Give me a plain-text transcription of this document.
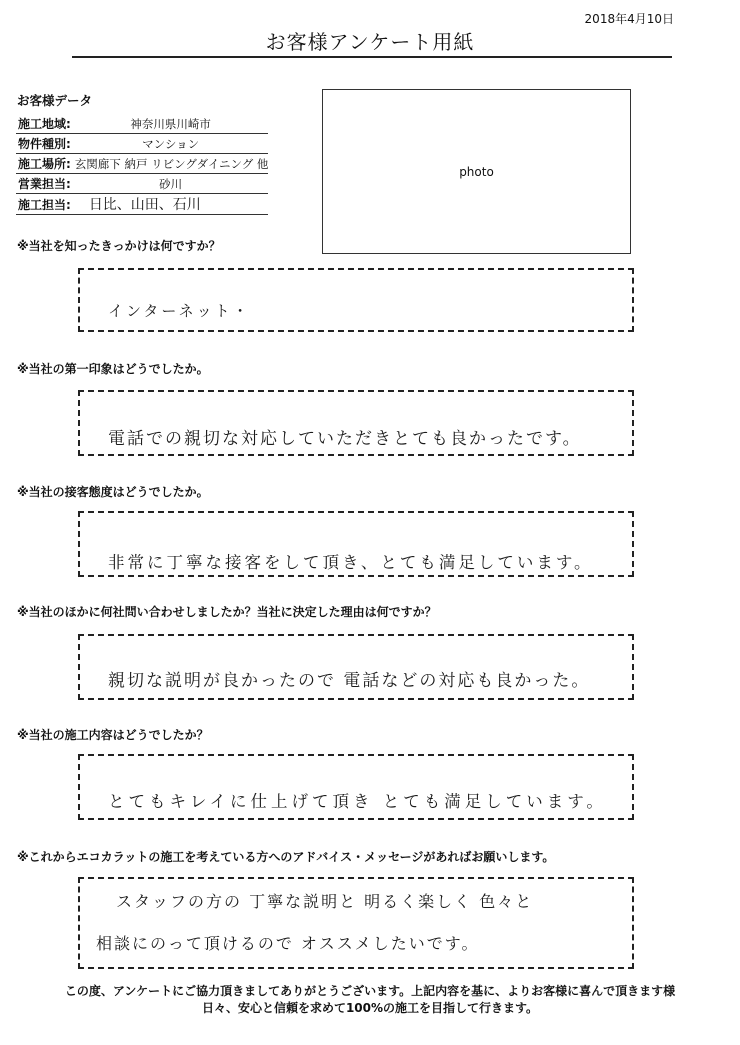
2018年4月10日
お客様アンケート用紙
お客様データ
施工地域:	神奈川県川崎市
物件種別:	マンション
施工場所:	玄関廊下 納戸 リビングダイニング 他
営業担当:	砂川
施工担当:	日比、山田、石川
photo
※当社を知ったきっかけは何ですか？
インターネット・
※当社の第一印象はどうでしたか。
電話での親切な対応していただきとても良かったです。
※当社の接客態度はどうでしたか。
非常に丁寧な接客をして頂き、とても満足しています。
※当社のほかに何社問い合わせしましたか？当社に決定した理由は何ですか？
親切な説明が良かったので 電話などの対応も良かった。
※当社の施工内容はどうでしたか？
とてもキレイに仕上げて頂き とても満足しています。
※これからエコカラットの施工を考えている方へのアドバイス・メッセージがあればお願いします。
スタッフの方の 丁寧な説明と 明るく楽しく 色々と
相談にのって頂けるので オススメしたいです。
この度、アンケートにご協力頂きましてありがとうございます。上記内容を基に、よりお客様に喜んで頂きます様
日々、安心と信頼を求めて100%の施工を目指して行きます。
